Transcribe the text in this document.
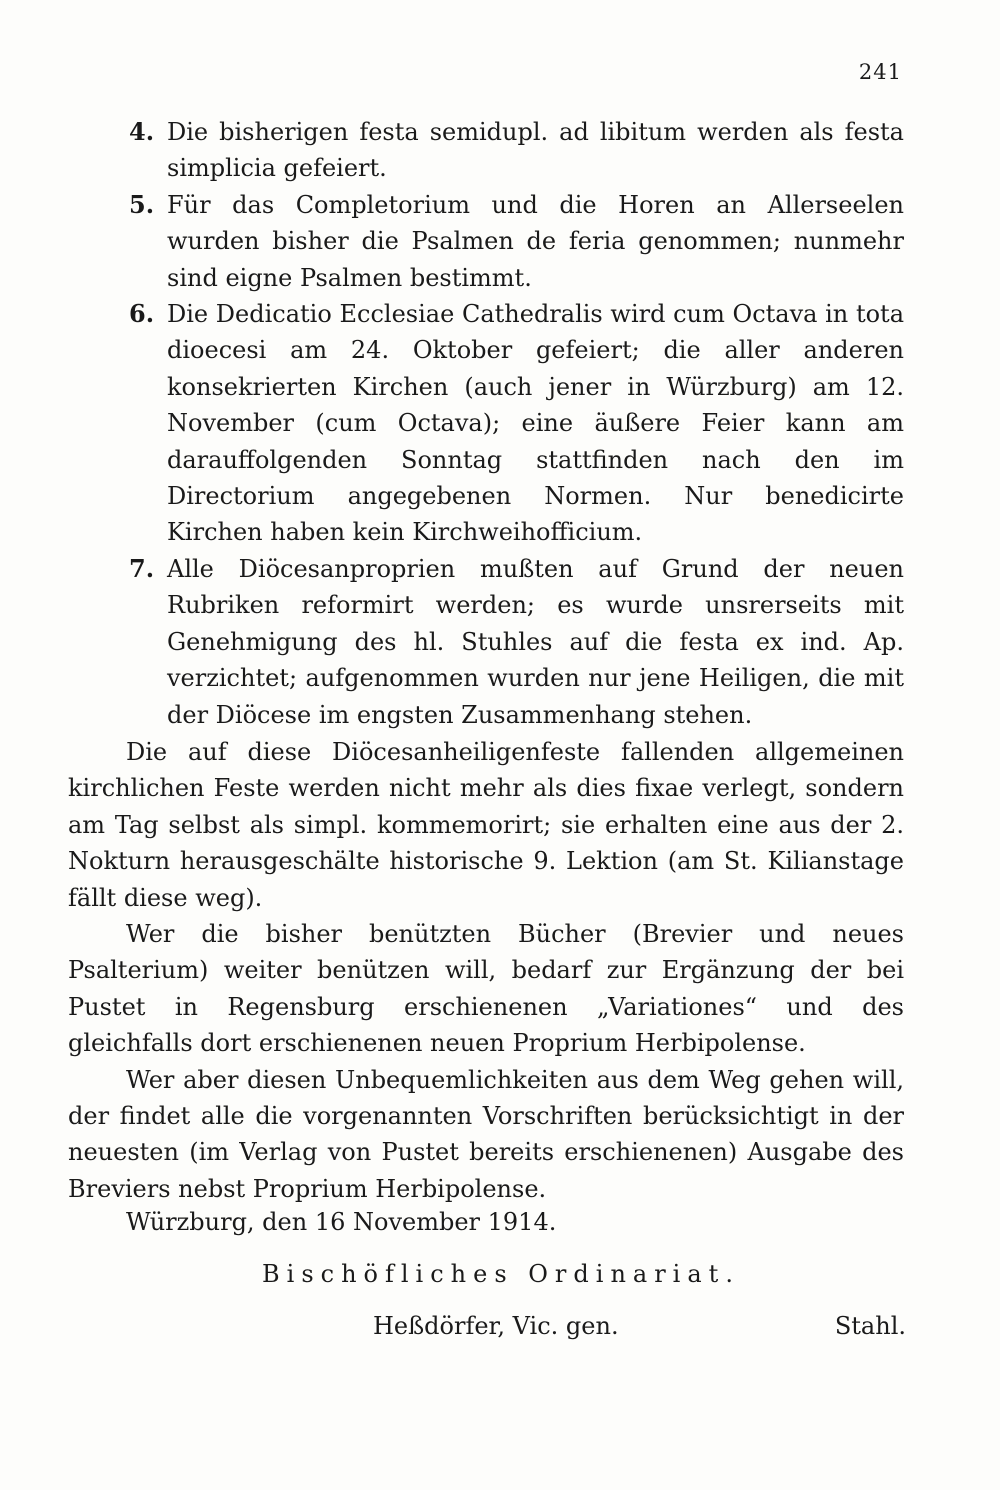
241
4. Die bisherigen festa semidupl. ad libitum werden als festa simplicia gefeiert.
5. Für das Completorium und die Horen an Allerseelen wurden bisher die Psalmen de feria genommen; nunmehr sind eigne Psalmen bestimmt.
6. Die Dedicatio Ecclesiae Cathedralis wird cum Octava in tota dioecesi am 24. Oktober gefeiert; die aller anderen konsekrierten Kirchen (auch jener in Würzburg) am 12. November (cum Octava); eine äußere Feier kann am darauffolgenden Sonntag stattfinden nach den im Directorium angegebenen Normen. Nur benedicirte Kirchen haben kein Kirchweihofficium.
7. Alle Diöcesanproprien mußten auf Grund der neuen Rubriken reformirt werden; es wurde unsrerseits mit Genehmigung des hl. Stuhles auf die festa ex ind. Ap. verzichtet; aufgenommen wurden nur jene Heiligen, die mit der Diöcese im engsten Zusammenhang stehen.

Die auf diese Diöcesanheiligenfeste fallenden allgemeinen kirchlichen Feste werden nicht mehr als dies fixae verlegt, sondern am Tag selbst als simpl. kommemorirt; sie erhalten eine aus der 2. Nokturn herausgeschälte historische 9. Lektion (am St. Kilianstage fällt diese weg).

Wer die bisher benützten Bücher (Brevier und neues Psalterium) weiter benützen will, bedarf zur Ergänzung der bei Pustet in Regensburg erschienenen „Variationes“ und des gleichfalls dort erschienenen neuen Proprium Herbipolense.

Wer aber diesen Unbequemlichkeiten aus dem Weg gehen will, der findet alle die vorgenannten Vorschriften berücksichtigt in der neuesten (im Verlag von Pustet bereits erschienenen) Ausgabe des Breviers nebst Proprium Herbipolense.

Würzburg, den 16 November 1914.
Bischöfliches Ordinariat.
Heßdörfer, Vic. gen.	Stahl.
